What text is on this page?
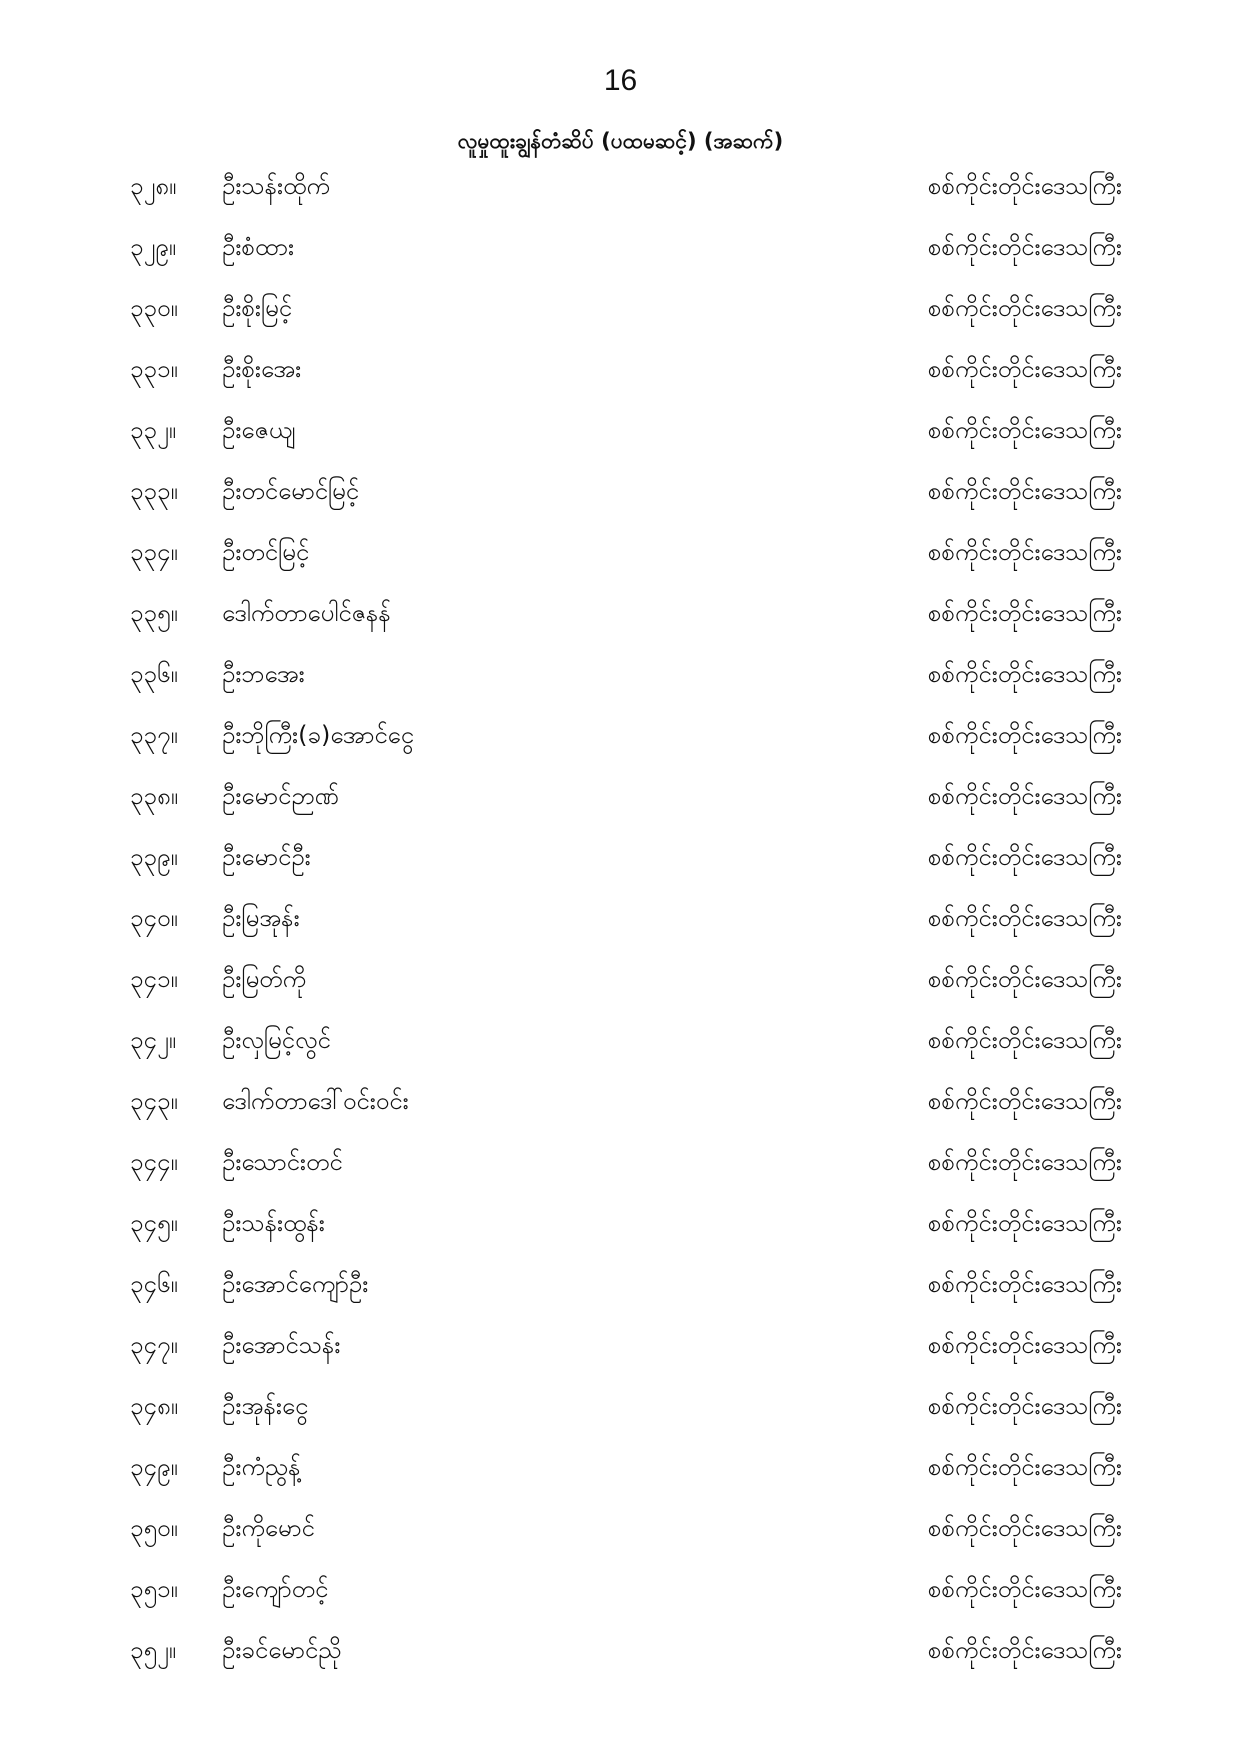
16
လူမှုထူးချွန်တံဆိပ် (ပထမဆင့်) (အဆက်)
၃၂၈။ ဦးသန်းထိုက်	စစ်ကိုင်းတိုင်းဒေသကြီး
၃၂၉။ ဦးစံထား	စစ်ကိုင်းတိုင်းဒေသကြီး
၃၃၀။ ဦးစိုးမြင့်	စစ်ကိုင်းတိုင်းဒေသကြီး
၃၃၁။ ဦးစိုးအေး	စစ်ကိုင်းတိုင်းဒေသကြီး
၃၃၂။ ဦးဇေယျ	စစ်ကိုင်းတိုင်းဒေသကြီး
၃၃၃။ ဦးတင်မောင်မြင့်	စစ်ကိုင်းတိုင်းဒေသကြီး
၃၃၄။ ဦးတင်မြင့်	စစ်ကိုင်းတိုင်းဒေသကြီး
၃၃၅။ ဒေါက်တာပေါင်ဇနန်	စစ်ကိုင်းတိုင်းဒေသကြီး
၃၃၆။ ဦးဘအေး	စစ်ကိုင်းတိုင်းဒေသကြီး
၃၃၇။ ဦးဘိုကြီး(ခ)အောင်ငွေ	စစ်ကိုင်းတိုင်းဒေသကြီး
၃၃၈။ ဦးမောင်ဉာဏ်	စစ်ကိုင်းတိုင်းဒေသကြီး
၃၃၉။ ဦးမောင်ဦး	စစ်ကိုင်းတိုင်းဒေသကြီး
၃၄၀။ ဦးမြအုန်း	စစ်ကိုင်းတိုင်းဒေသကြီး
၃၄၁။ ဦးမြတ်ကို	စစ်ကိုင်းတိုင်းဒေသကြီး
၃၄၂။ ဦးလှမြင့်လွင်	စစ်ကိုင်းတိုင်းဒေသကြီး
၃၄၃။ ဒေါက်တာဒေါ်ဝင်းဝင်း	စစ်ကိုင်းတိုင်းဒေသကြီး
၃၄၄။ ဦးသောင်းတင်	စစ်ကိုင်းတိုင်းဒေသကြီး
၃၄၅။ ဦးသန်းထွန်း	စစ်ကိုင်းတိုင်းဒေသကြီး
၃၄၆။ ဦးအောင်ကျော်ဦး	စစ်ကိုင်းတိုင်းဒေသကြီး
၃၄၇။ ဦးအောင်သန်း	စစ်ကိုင်းတိုင်းဒေသကြီး
၃၄၈။ ဦးအုန်းငွေ	စစ်ကိုင်းတိုင်းဒေသကြီး
၃၄၉။ ဦးကံညွန့်	စစ်ကိုင်းတိုင်းဒေသကြီး
၃၅၀။ ဦးကိုမောင်	စစ်ကိုင်းတိုင်းဒေသကြီး
၃၅၁။ ဦးကျော်တင့်	စစ်ကိုင်းတိုင်းဒေသကြီး
၃၅၂။ ဦးခင်မောင်ညို	စစ်ကိုင်းတိုင်းဒေသကြီး
